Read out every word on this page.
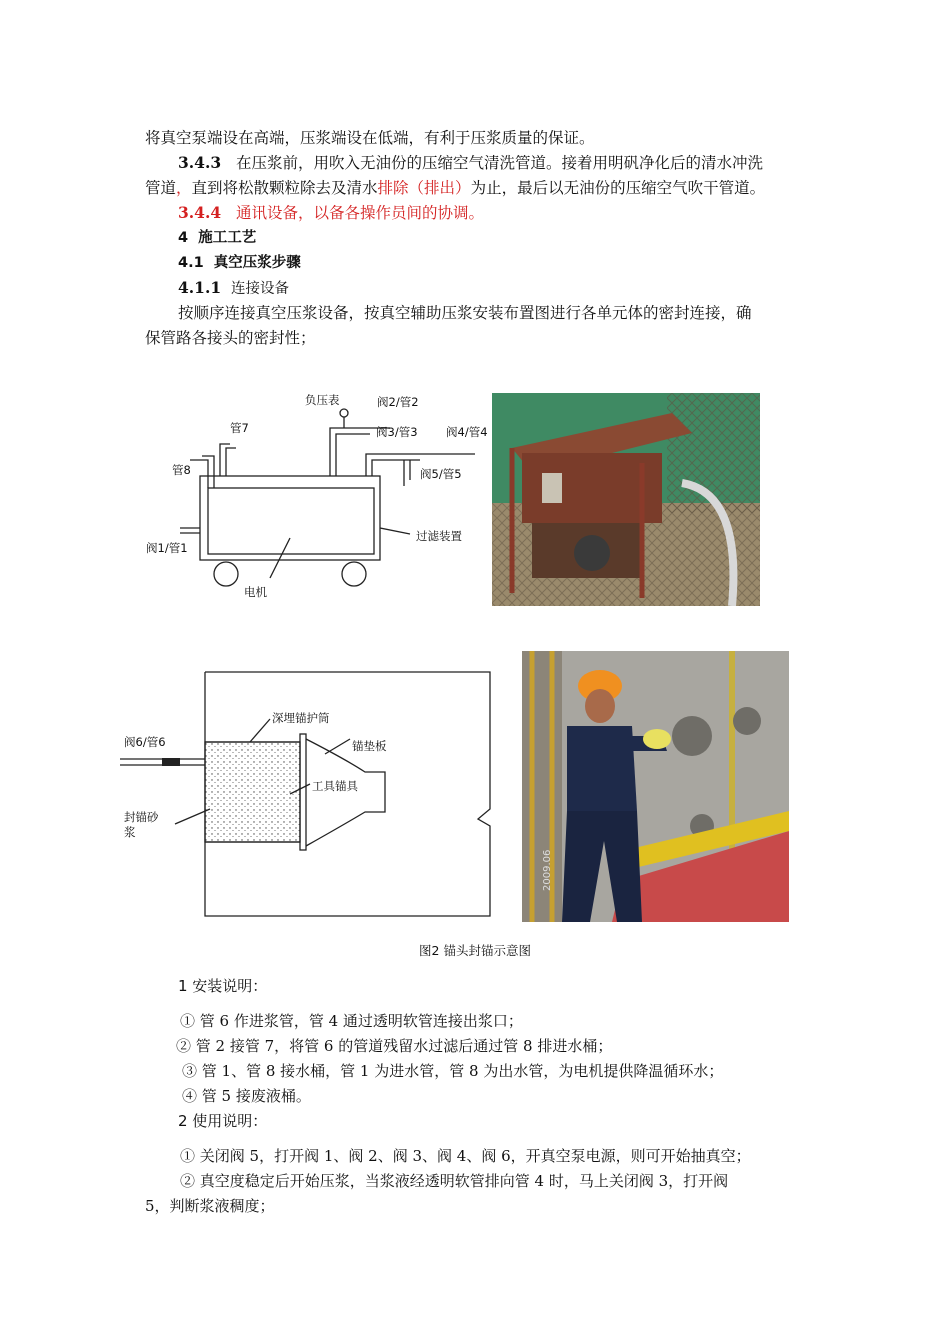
将真空泵端设在高端，压浆端设在低端，有利于压浆质量的保证。
3.4.3 在压浆前，用吹入无油份的压缩空气清洗管道。接着用明矾净化后的清水冲洗
管道，直到将松散颗粒除去及清水排除（排出）为止，最后以无油份的压缩空气吹干管道。
3.4.4 通讯设备，以备各操作员间的协调。
4 施工工艺
4.1 真空压浆步骤
4.1.1 连接设备
按顺序连接真空压浆设备，按真空辅助压浆安装布置图进行各单元体的密封连接，确
保管路各接头的密封性；
负压表	阀2/管2
管7	阀3/管3 阀4/管4
管8	阀5/管5
阀1/管1
过滤装置
电机
深埋锚护筒
阀6/管6	锚垫板
工具锚具
封锚砂
浆
2009.06
图2 锚头封锚示意图
1 安装说明：
① 管 6 作进浆管，管 4 通过透明软管连接出浆口；
② 管 2 接管 7，将管 6 的管道残留水过滤后通过管 8 排进水桶；
③ 管 1、管 8 接水桶，管 1 为进水管，管 8 为出水管，为电机提供降温循环水；
④ 管 5 接废液桶。
2 使用说明：
① 关闭阀 5，打开阀 1、阀 2、阀 3、阀 4、阀 6，开真空泵电源，则可开始抽真空；
② 真空度稳定后开始压浆，当浆液经透明软管排向管 4 时，马上关闭阀 3，打开阀
5，判断浆液稠度；
